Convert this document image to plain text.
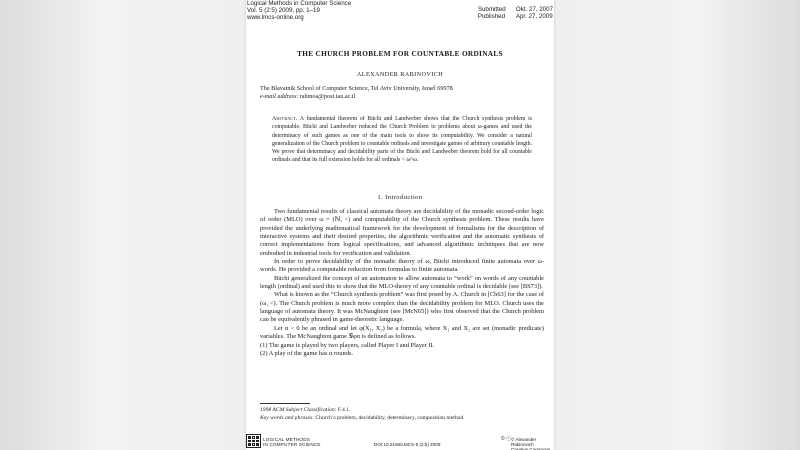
Logical Methods in Computer Science
Vol. 5 (2:5) 2009, pp. 1–19
www.lmcs-online.org
Submitted	Okt. 27, 2007
Published	Apr. 27, 2009
THE CHURCH PROBLEM FOR COUNTABLE ORDINALS
ALEXANDER RABINOVICH
The Blavatnik School of Computer Science, Tel Aviv University, Israel 69978
e-mail address: rabinoa@post.tau.ac.il
Abstract. A fundamental theorem of Büchi and Landweber shows that the Church synthesis problem is computable. Büchi and Landweber reduced the Church Problem to problems about ω-games and used the determinacy of such games as one of the main tools to show its computability. We consider a natural generalization of the Church problem to countable ordinals and investigate games of arbitrary countable length. We prove that determinacy and decidability parts of the Büchi and Landweber theorem hold for all countable ordinals and that its full extension holds for all ordinals < ω^ω.
1. Introduction

Two fundamental results of classical automata theory are decidability of the monadic second-order logic of order (MLO) over ω = (ℕ, <) and computability of the Church synthesis problem. These results have provided the underlying mathematical framework for the development of formalisms for the description of interactive systems and their desired properties, the algorithmic verification and the automatic synthesis of correct implementations from logical specifications, and advanced algorithmic techniques that are now embodied in industrial tools for verification and validation.

In order to prove decidability of the monadic theory of ω, Büchi introduced finite automata over ω-words. He provided a computable reduction from formulas to finite automata.

Büchi generalized the concept of an automaton to allow automata to “work” on words of any countable length (ordinal) and used this to show that the MLO-theory of any countable ordinal is decidable (see [BS73]).

What is known as the “Church synthesis problem” was first posed by A. Church in [Ch63] for the case of (ω, <). The Church problem is much more complex than the decidability problem for MLO. Church uses the language of automata theory. It was McNaughton (see [McN65]) who first observed that the Church problem can be equivalently phrased in game-theoretic language.

Let α > 0 be an ordinal and let φ(X₁, X₂) be a formula, where X₁ and X₂ are set (monadic predicate) variables. The McNaughton game 𝒢φα is defined as follows.

(1) The game is played by two players, called Player I and Player II.

(2) A play of the game has α rounds.

1998 ACM Subject Classification: F.4.1.
Key words and phrases: Church’s problem, decidability, determinacy, composition method.
LOGICAL METHODS
IN COMPUTER SCIENCE	DOI:10.2168/LMCS-5 (2:5) 2009
© ⓒ © Alexander Rabinovich
Creative Commons
